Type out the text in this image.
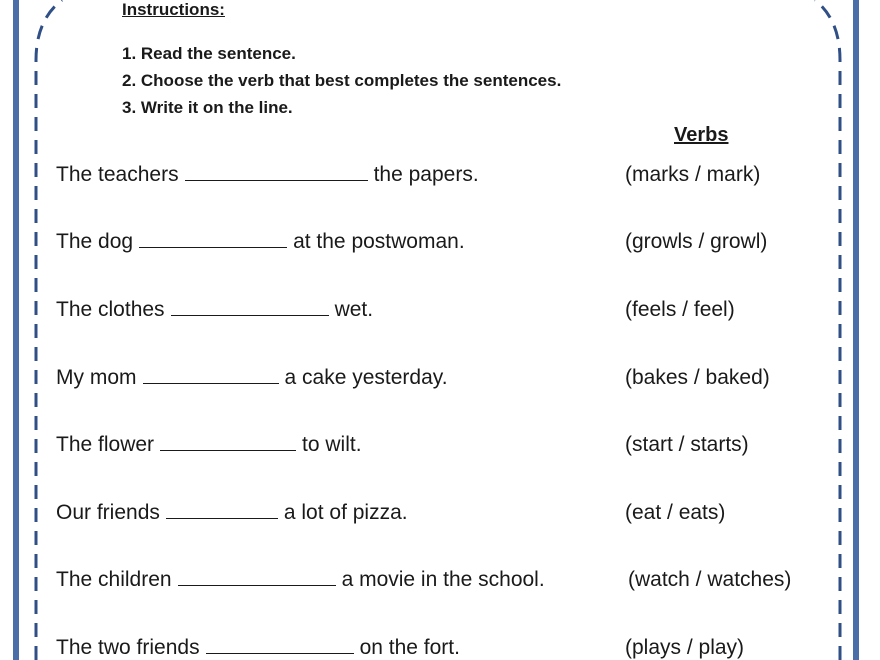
Instructions:
1. Read the sentence.
2. Choose the verb that best completes the sentences.
3. Write it on the line.
Verbs
The teachers	the papers.	(marks / mark)
The dog	at the postwoman.	(growls / growl)
The clothes	wet.	(feels / feel)
My mom	a cake yesterday.	(bakes / baked)
The flower	to wilt.	(start / starts)
Our friends	a lot of pizza.	(eat / eats)
The children	a movie in the school.	(watch / watches)
The two friends	on the fort.	(plays / play)
